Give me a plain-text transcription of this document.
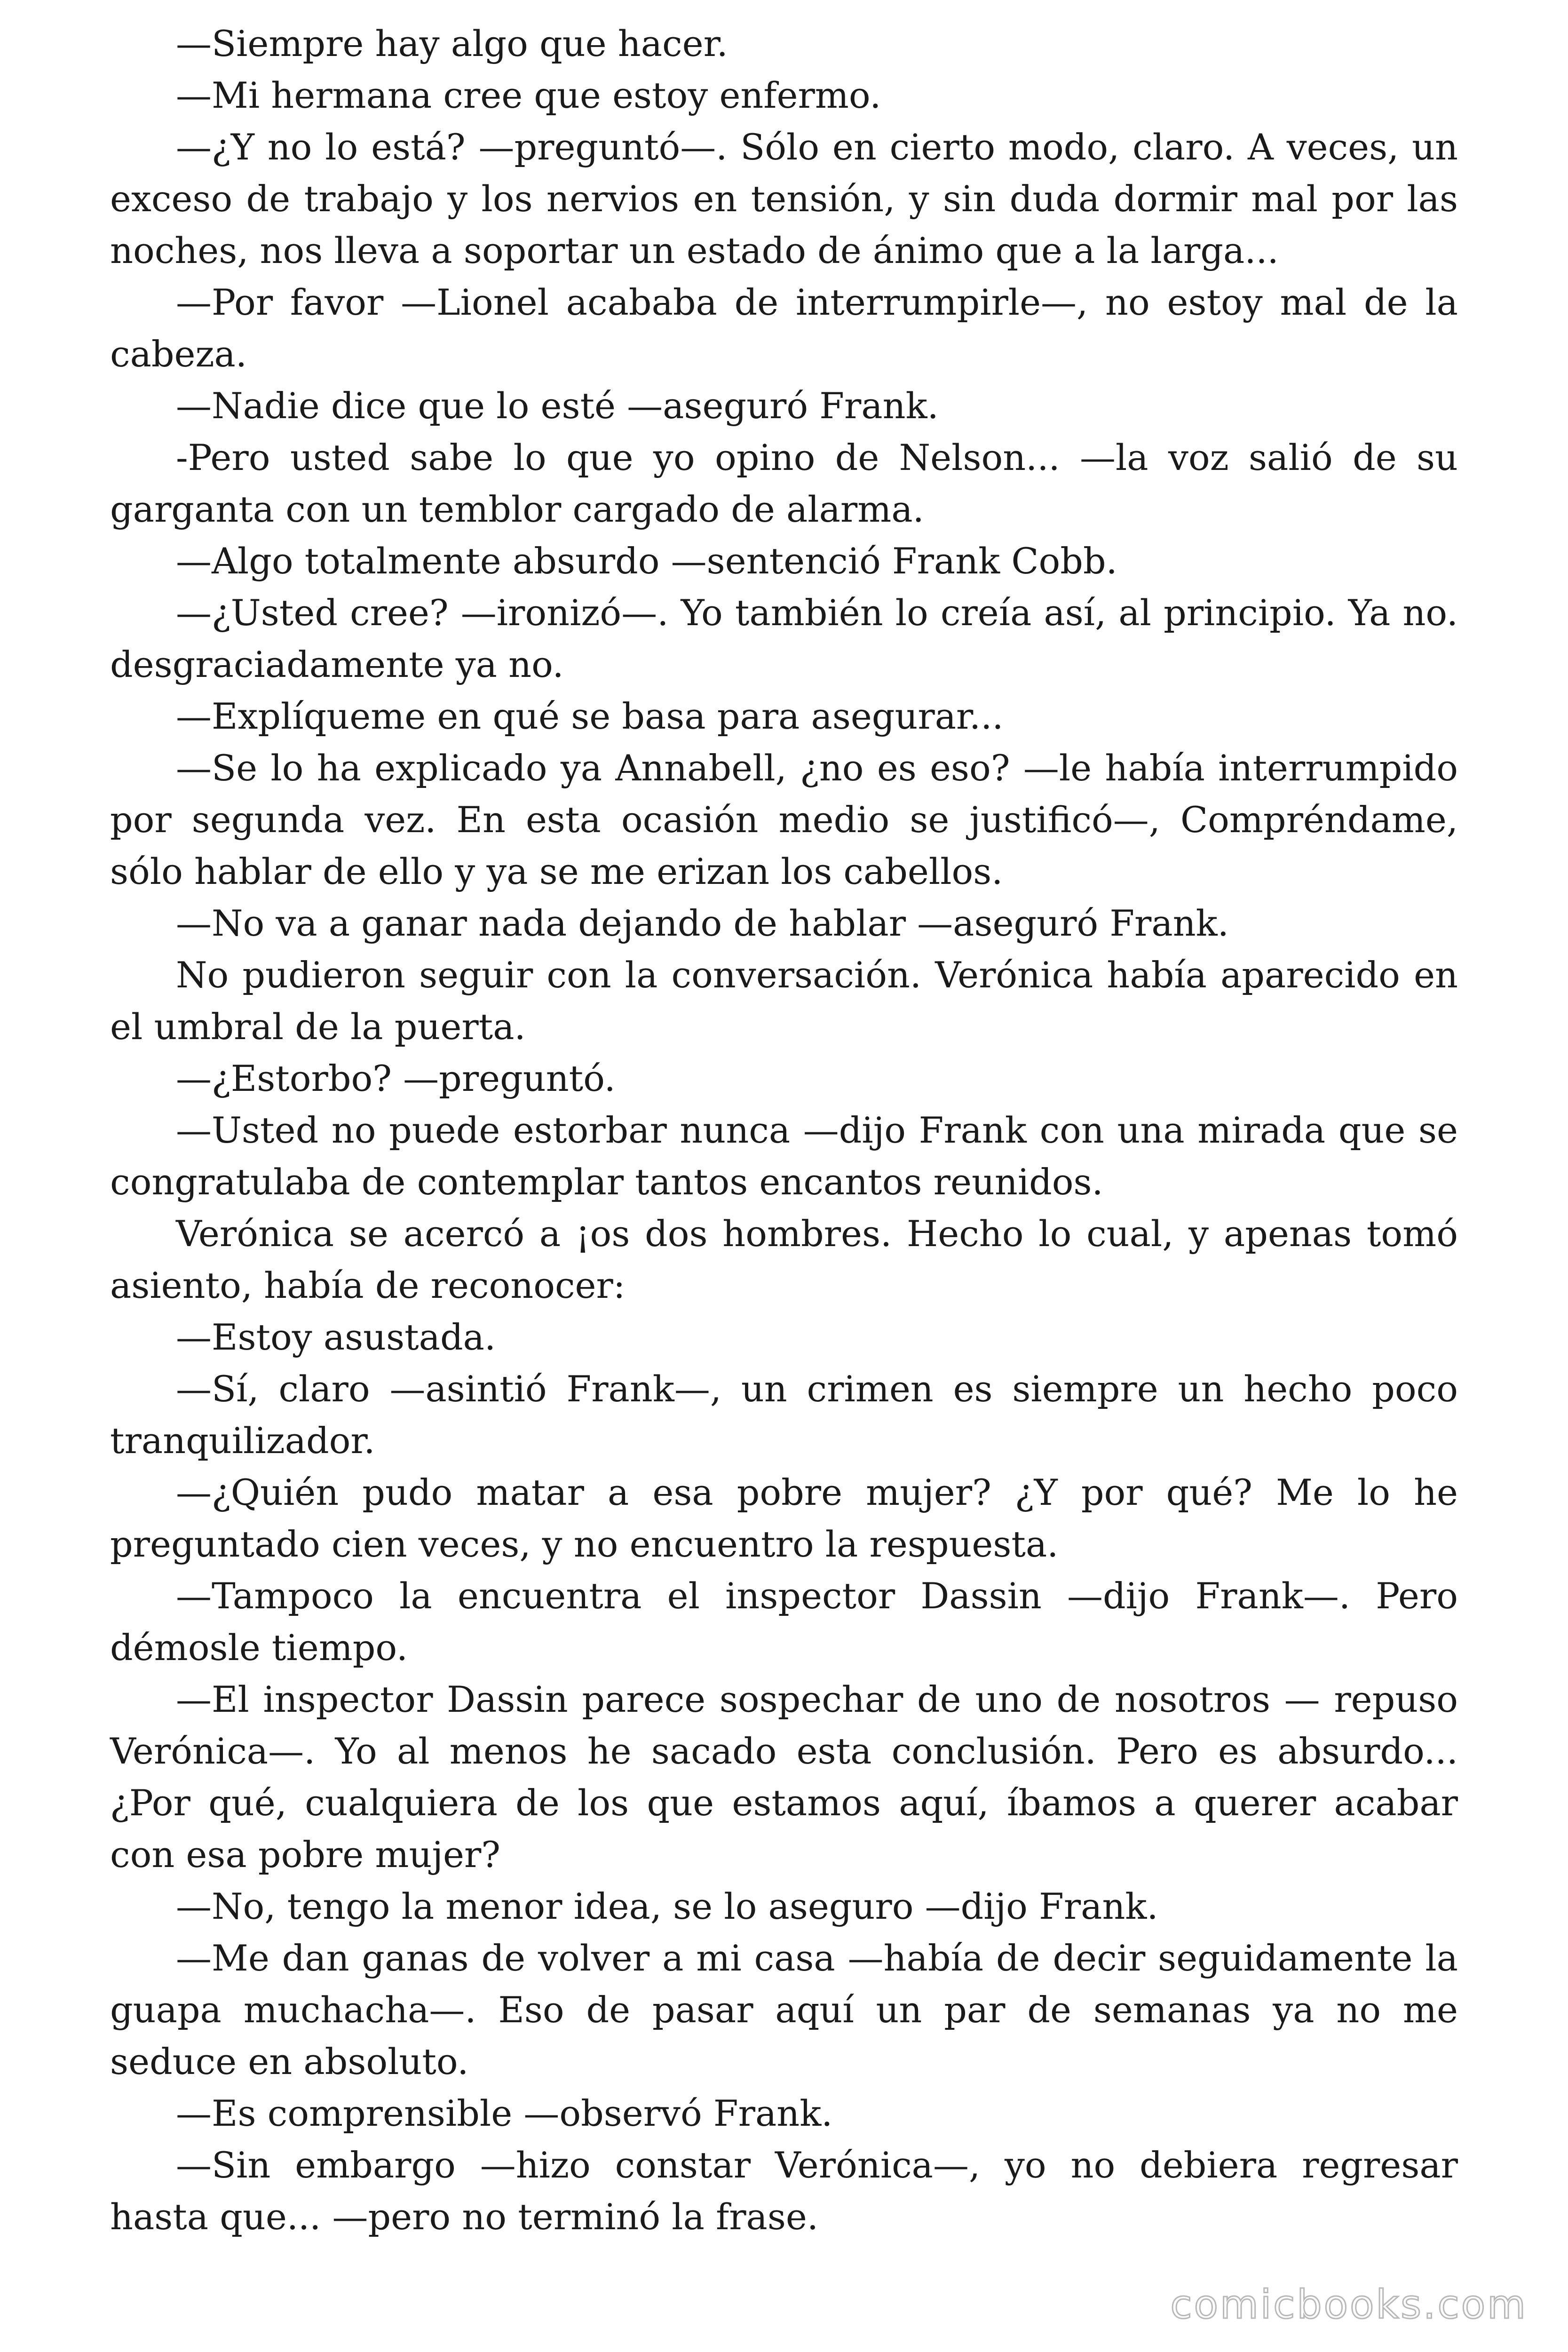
—Siempre hay algo que hacer.

—Mi hermana cree que estoy enfermo.

—¿Y no lo está? —preguntó—. Sólo en cierto modo, claro. A veces, un exceso de trabajo y los nervios en tensión, y sin duda dormir mal por las noches, nos lleva a soportar un estado de ánimo que a la larga...

—Por favor —Lionel acababa de interrumpirle—, no estoy mal de la cabeza.

—Nadie dice que lo esté —aseguró Frank.

-Pero usted sabe lo que yo opino de Nelson... —la voz salió de su garganta con un temblor cargado de alarma.

—Algo totalmente absurdo —sentenció Frank Cobb.

—¿Usted cree? —ironizó—. Yo también lo creía así, al principio. Ya no. desgraciadamente ya no.

—Explíqueme en qué se basa para asegurar...

—Se lo ha explicado ya Annabell, ¿no es eso? —le había interrumpido por segunda vez. En esta ocasión medio se justificó—, Compréndame, sólo hablar de ello y ya se me erizan los cabellos.

—No va a ganar nada dejando de hablar —aseguró Frank.

No pudieron seguir con la conversación. Verónica había aparecido en el umbral de la puerta.

—¿Estorbo? —preguntó.

—Usted no puede estorbar nunca —dijo Frank con una mirada que se congratulaba de contemplar tantos encantos reunidos.

Verónica se acercó a ¡os dos hombres. Hecho lo cual, y apenas tomó asiento, había de reconocer:

—Estoy asustada.

—Sí, claro —asintió Frank—, un crimen es siempre un hecho poco tranquilizador.

—¿Quién pudo matar a esa pobre mujer? ¿Y por qué? Me lo he preguntado cien veces, y no encuentro la respuesta.

—Tampoco la encuentra el inspector Dassin —dijo Frank—. Pero démosle tiempo.

—El inspector Dassin parece sospechar de uno de nosotros — repuso Verónica—. Yo al menos he sacado esta conclusión. Pero es absurdo... ¿Por qué, cualquiera de los que estamos aquí, íbamos a querer acabar con esa pobre mujer?

—No, tengo la menor idea, se lo aseguro —dijo Frank.

—Me dan ganas de volver a mi casa —había de decir seguidamente la guapa muchacha—. Eso de pasar aquí un par de semanas ya no me seduce en absoluto.

—Es comprensible —observó Frank.

—Sin embargo —hizo constar Verónica—, yo no debiera regresar hasta que... —pero no terminó la frase.

comicbooks.com
